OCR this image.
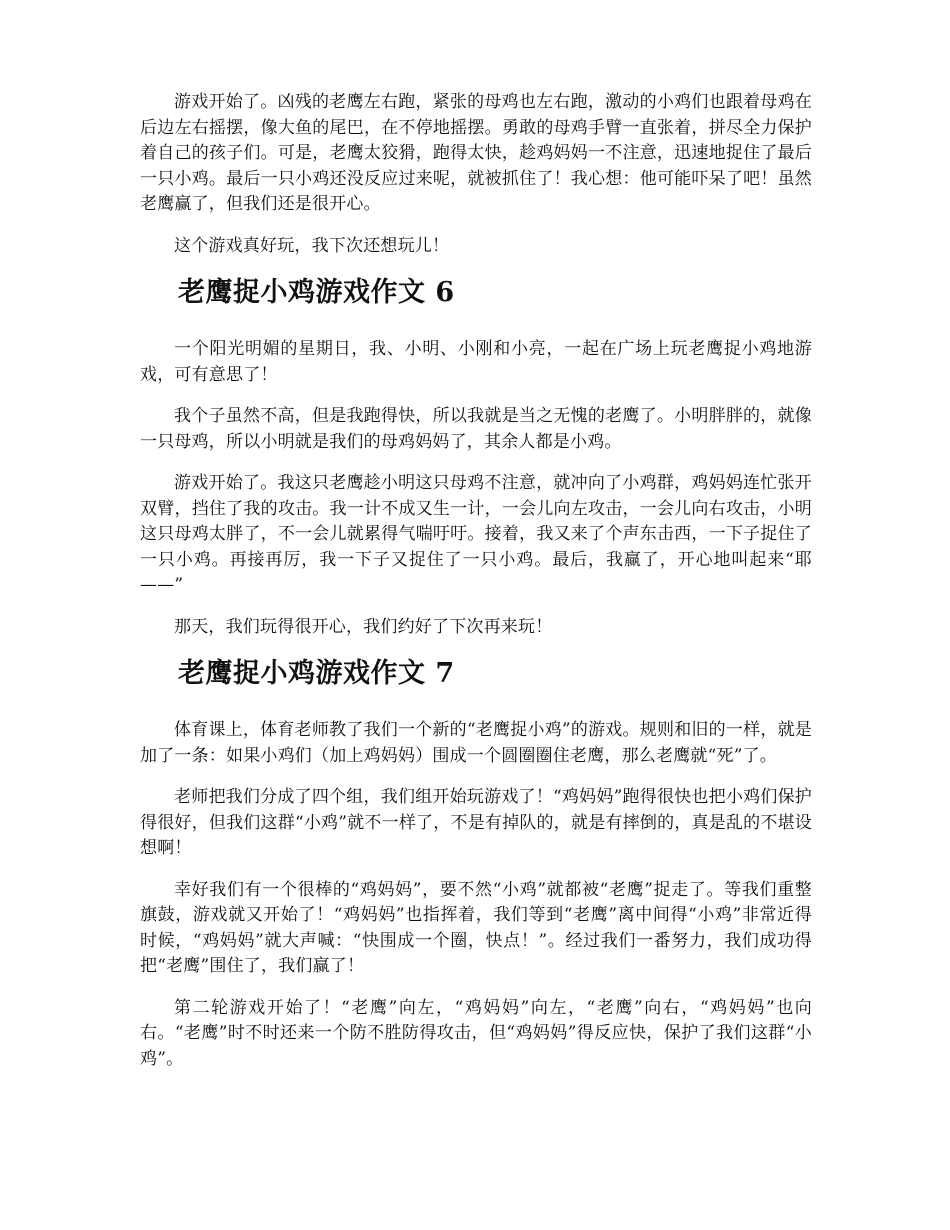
游戏开始了。凶残的老鹰左右跑，紧张的母鸡也左右跑，激动的小鸡们也跟着母鸡在后边左右摇摆，像大鱼的尾巴，在不停地摇摆。勇敢的母鸡手臂一直张着，拼尽全力保护着自己的孩子们。可是，老鹰太狡猾，跑得太快，趁鸡妈妈一不注意，迅速地捉住了最后一只小鸡。最后一只小鸡还没反应过来呢，就被抓住了！我心想：他可能吓呆了吧！虽然老鹰赢了，但我们还是很开心。

这个游戏真好玩，我下次还想玩儿！

老鹰捉小鸡游戏作文 6

一个阳光明媚的星期日，我、小明、小刚和小亮，一起在广场上玩老鹰捉小鸡地游戏，可有意思了！

我个子虽然不高，但是我跑得快，所以我就是当之无愧的老鹰了。小明胖胖的，就像一只母鸡，所以小明就是我们的母鸡妈妈了，其余人都是小鸡。

游戏开始了。我这只老鹰趁小明这只母鸡不注意，就冲向了小鸡群，鸡妈妈连忙张开双臂，挡住了我的攻击。我一计不成又生一计，一会儿向左攻击，一会儿向右攻击，小明这只母鸡太胖了，不一会儿就累得气喘吁吁。接着，我又来了个声东击西，一下子捉住了一只小鸡。再接再厉，我一下子又捉住了一只小鸡。最后，我赢了，开心地叫起来“耶——”

那天，我们玩得很开心，我们约好了下次再来玩！

老鹰捉小鸡游戏作文 7

体育课上，体育老师教了我们一个新的“老鹰捉小鸡”的游戏。规则和旧的一样，就是加了一条：如果小鸡们（加上鸡妈妈）围成一个圆圈圈住老鹰，那么老鹰就“死”了。

老师把我们分成了四个组，我们组开始玩游戏了！“鸡妈妈”跑得很快也把小鸡们保护得很好，但我们这群“小鸡”就不一样了，不是有掉队的，就是有摔倒的，真是乱的不堪设想啊！

幸好我们有一个很棒的“鸡妈妈”，要不然“小鸡”就都被“老鹰”捉走了。等我们重整旗鼓，游戏就又开始了！“鸡妈妈”也指挥着，我们等到“老鹰”离中间得“小鸡”非常近得时候，“鸡妈妈”就大声喊：“快围成一个圈，快点！”。经过我们一番努力，我们成功得把“老鹰”围住了，我们赢了！

第二轮游戏开始了！“老鹰”向左，“鸡妈妈”向左，“老鹰”向右，“鸡妈妈”也向右。“老鹰”时不时还来一个防不胜防得攻击，但“鸡妈妈”得反应快，保护了我们这群“小鸡”。
